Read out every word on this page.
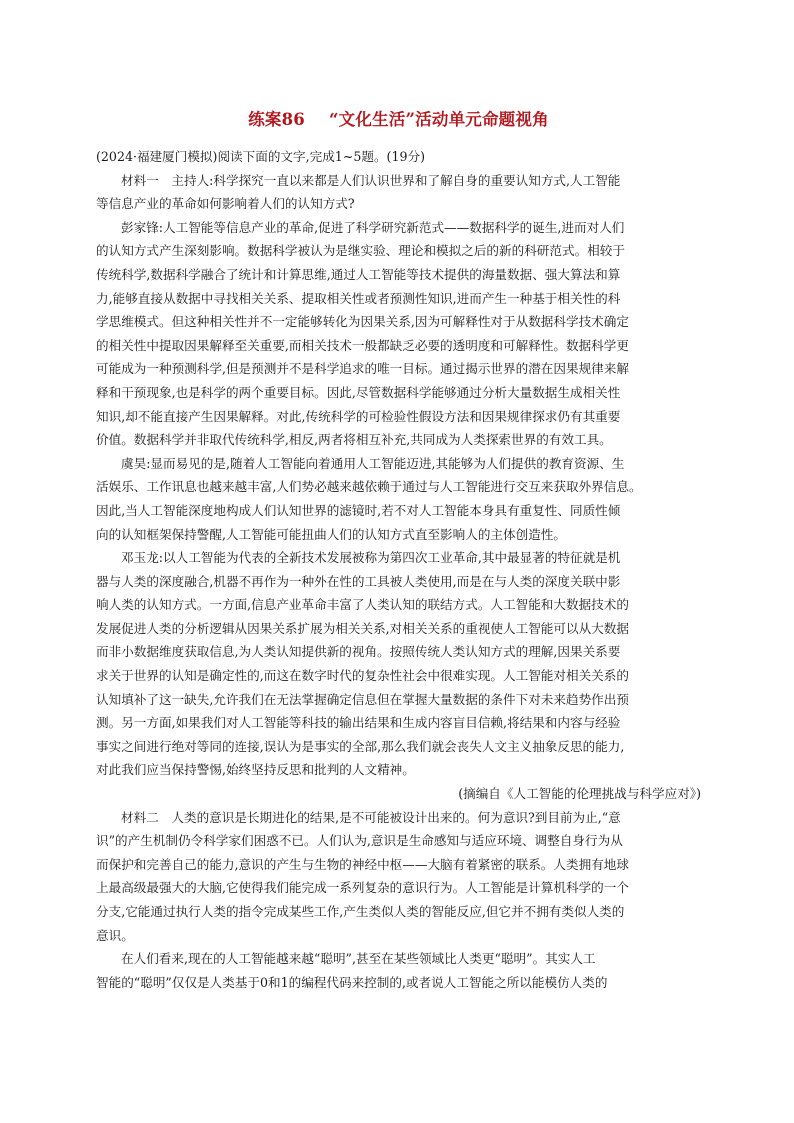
练案86 “文化生活”活动单元命题视角

(2024·福建厦门模拟)阅读下面的文字,完成1~5题。(19分)

材料一　主持人:科学探究一直以来都是人们认识世界和了解自身的重要认知方式,人工智能

等信息产业的革命如何影响着人们的认知方式?

彭家锋:人工智能等信息产业的革命,促进了科学研究新范式——数据科学的诞生,进而对人们

的认知方式产生深刻影响。数据科学被认为是继实验、理论和模拟之后的新的科研范式。相较于

传统科学,数据科学融合了统计和计算思维,通过人工智能等技术提供的海量数据、强大算法和算

力,能够直接从数据中寻找相关关系、提取相关性或者预测性知识,进而产生一种基于相关性的科

学思维模式。但这种相关性并不一定能够转化为因果关系,因为可解释性对于从数据科学技术确定

的相关性中提取因果解释至关重要,而相关技术一般都缺乏必要的透明度和可解释性。数据科学更

可能成为一种预测科学,但是预测并不是科学追求的唯一目标。通过揭示世界的潜在因果规律来解

释和干预现象,也是科学的两个重要目标。因此,尽管数据科学能够通过分析大量数据生成相关性

知识,却不能直接产生因果解释。对此,传统科学的可检验性假设方法和因果规律探求仍有其重要

价值。数据科学并非取代传统科学,相反,两者将相互补充,共同成为人类探索世界的有效工具。

虞昊:显而易见的是,随着人工智能向着通用人工智能迈进,其能够为人们提供的教育资源、生

活娱乐、工作讯息也越来越丰富,人们势必越来越依赖于通过与人工智能进行交互来获取外界信息。

因此,当人工智能深度地构成人们认知世界的滤镜时,若不对人工智能本身具有重复性、同质性倾

向的认知框架保持警醒,人工智能可能扭曲人们的认知方式直至影响人的主体创造性。

邓玉龙:以人工智能为代表的全新技术发展被称为第四次工业革命,其中最显著的特征就是机

器与人类的深度融合,机器不再作为一种外在性的工具被人类使用,而是在与人类的深度关联中影

响人类的认知方式。一方面,信息产业革命丰富了人类认知的联结方式。人工智能和大数据技术的

发展促进人类的分析逻辑从因果关系扩展为相关关系,对相关关系的重视使人工智能可以从大数据

而非小数据维度获取信息,为人类认知提供新的视角。按照传统人类认知方式的理解,因果关系要

求关于世界的认知是确定性的,而这在数字时代的复杂性社会中很难实现。人工智能对相关关系的

认知填补了这一缺失,允许我们在无法掌握确定信息但在掌握大量数据的条件下对未来趋势作出预

测。另一方面,如果我们对人工智能等科技的输出结果和生成内容盲目信赖,将结果和内容与经验

事实之间进行绝对等同的连接,误认为是事实的全部,那么我们就会丧失人文主义抽象反思的能力,

对此我们应当保持警惕,始终坚持反思和批判的人文精神。

(摘编自《人工智能的伦理挑战与科学应对》)

材料二　人类的意识是长期进化的结果,是不可能被设计出来的。何为意识?到目前为止,“意

识”的产生机制仍令科学家们困惑不已。人们认为,意识是生命感知与适应环境、调整自身行为从

而保护和完善自己的能力,意识的产生与生物的神经中枢——大脑有着紧密的联系。人类拥有地球

上最高级最强大的大脑,它使得我们能完成一系列复杂的意识行为。人工智能是计算机科学的一个

分支,它能通过执行人类的指令完成某些工作,产生类似人类的智能反应,但它并不拥有类似人类的

意识。

在人们看来,现在的人工智能越来越“聪明”,甚至在某些领域比人类更“聪明”。其实人工

智能的“聪明”仅仅是人类基于0和1的编程代码来控制的,或者说人工智能之所以能模仿人类的
